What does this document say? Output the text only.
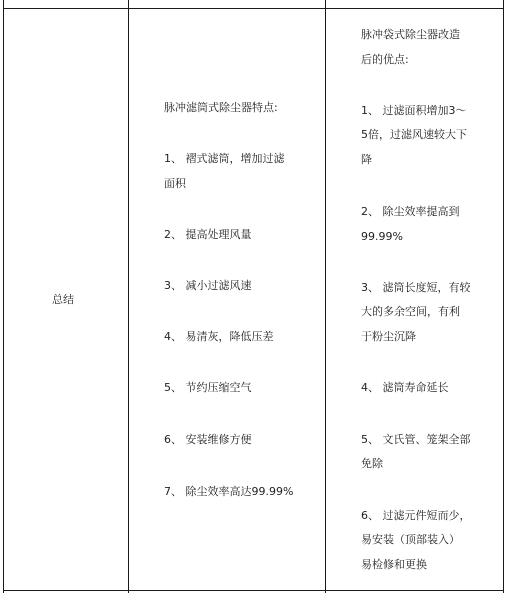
总结
脉冲滤筒式除尘器特点:
1、 褶式滤筒，增加过滤
面积
2、 提高处理风量
3、 减小过滤风速
4、 易清灰，降低压差
5、 节约压缩空气
6、 安装维修方便
7、 除尘效率高达99.99%
脉冲袋式除尘器改造
后的优点:
1、 过滤面积增加3～
5倍，过滤风速较大下
降
2、 除尘效率提高到
99.99%
3、 滤筒长度短，有较
大的多余空间，有利
于粉尘沉降
4、 滤筒寿命延长
5、 文氏管、笼架全部
免除
6、 过滤元件短而少，
易安装（顶部装入）
易检修和更换
